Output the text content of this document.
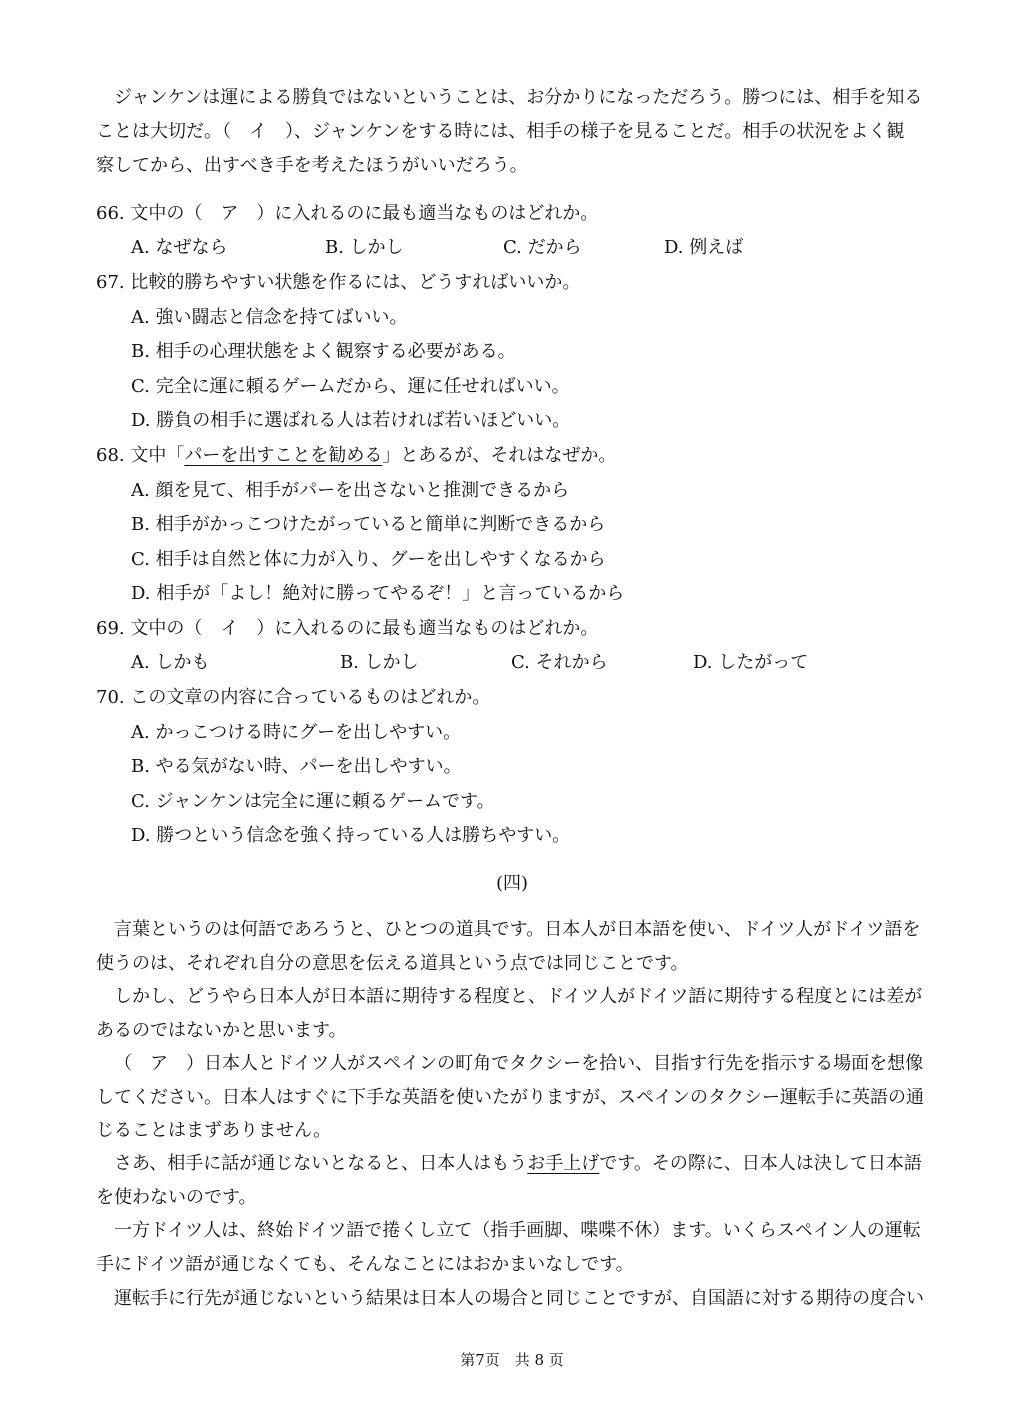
ジャンケンは運による勝負ではないということは、お分かりになっただろう。勝つには、相手を知る
ことは大切だ。（　イ　）、ジャンケンをする時には、相手の様子を見ることだ。相手の状況をよく観
察してから、出すべき手を考えたほうがいいだろう。
66. 文中の（　ア　）に入れるのに最も適当なものはどれか。
A. なぜなら	B. しかし	C. だから	D. 例えば
67. 比較的勝ちやすい状態を作るには、どうすればいいか。
A. 強い闘志と信念を持てばいい。
B. 相手の心理状態をよく観察する必要がある。
C. 完全に運に頼るゲームだから、運に任せればいい。
D. 勝負の相手に選ばれる人は若ければ若いほどいい。
68. 文中「パーを出すことを勧める」とあるが、それはなぜか。
A. 顔を見て、相手がパーを出さないと推測できるから
B. 相手がかっこつけたがっていると簡単に判断できるから
C. 相手は自然と体に力が入り、グーを出しやすくなるから
D. 相手が「よし！絶対に勝ってやるぞ！」と言っているから
69. 文中の（　イ　）に入れるのに最も適当なものはどれか。
A. しかも	B. しかし	C. それから	D. したがって
70. この文章の内容に合っているものはどれか。
A. かっこつける時にグーを出しやすい。
B. やる気がない時、パーを出しやすい。
C. ジャンケンは完全に運に頼るゲームです。
D. 勝つという信念を強く持っている人は勝ちやすい。
(四)
言葉というのは何語であろうと、ひとつの道具です。日本人が日本語を使い、ドイツ人がドイツ語を
使うのは、それぞれ自分の意思を伝える道具という点では同じことです。
しかし、どうやら日本人が日本語に期待する程度と、ドイツ人がドイツ語に期待する程度とには差が
あるのではないかと思います。
（　ア　）日本人とドイツ人がスペインの町角でタクシーを拾い、目指す行先を指示する場面を想像
してください。日本人はすぐに下手な英語を使いたがりますが、スペインのタクシー運転手に英語の通
じることはまずありません。
さあ、相手に話が通じないとなると、日本人はもうお手上げです。その際に、日本人は決して日本語
を使わないのです。
一方ドイツ人は、終始ドイツ語で捲くし立て（指手画脚、喋喋不休）ます。いくらスペイン人の運転
手にドイツ語が通じなくても、そんなことにはおかまいなしです。
運転手に行先が通じないという結果は日本人の場合と同じことですが、自国語に対する期待の度合い
第7页　共 8 页
